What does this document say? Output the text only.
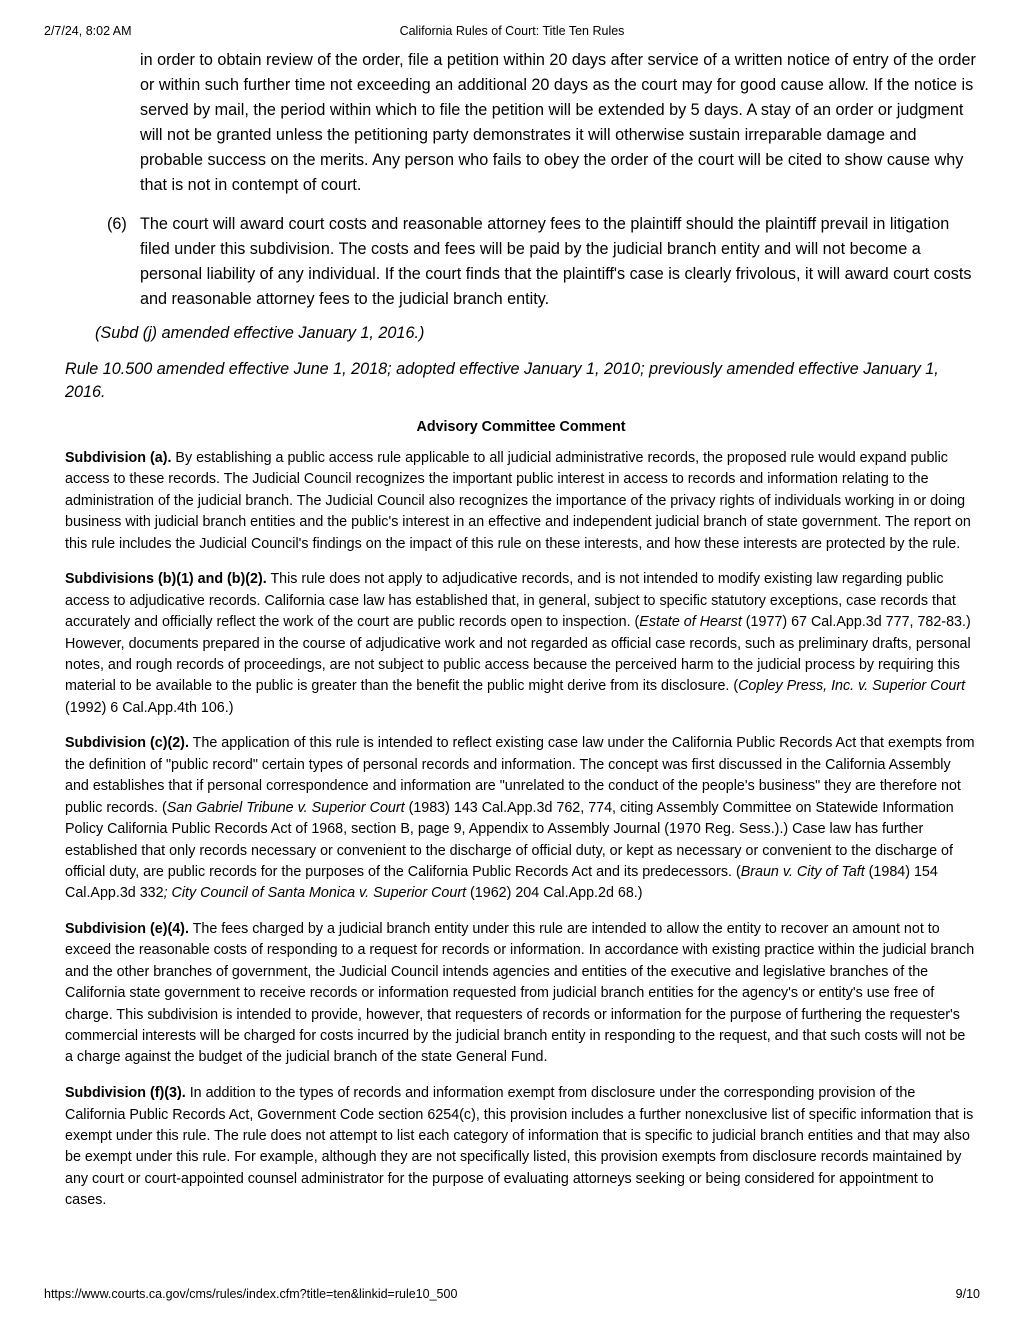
2/7/24, 8:02 AM	California Rules of Court: Title Ten Rules
in order to obtain review of the order, file a petition within 20 days after service of a written notice of entry of the order or within such further time not exceeding an additional 20 days as the court may for good cause allow. If the notice is served by mail, the period within which to file the petition will be extended by 5 days. A stay of an order or judgment will not be granted unless the petitioning party demonstrates it will otherwise sustain irreparable damage and probable success on the merits. Any person who fails to obey the order of the court will be cited to show cause why that is not in contempt of court.
(6) The court will award court costs and reasonable attorney fees to the plaintiff should the plaintiff prevail in litigation filed under this subdivision. The costs and fees will be paid by the judicial branch entity and will not become a personal liability of any individual. If the court finds that the plaintiff's case is clearly frivolous, it will award court costs and reasonable attorney fees to the judicial branch entity.
(Subd (j) amended effective January 1, 2016.)
Rule 10.500 amended effective June 1, 2018; adopted effective January 1, 2010; previously amended effective January 1, 2016.
Advisory Committee Comment

Subdivision (a). By establishing a public access rule applicable to all judicial administrative records, the proposed rule would expand public access to these records. The Judicial Council recognizes the important public interest in access to records and information relating to the administration of the judicial branch. The Judicial Council also recognizes the importance of the privacy rights of individuals working in or doing business with judicial branch entities and the public's interest in an effective and independent judicial branch of state government. The report on this rule includes the Judicial Council's findings on the impact of this rule on these interests, and how these interests are protected by the rule.

Subdivisions (b)(1) and (b)(2). This rule does not apply to adjudicative records, and is not intended to modify existing law regarding public access to adjudicative records. California case law has established that, in general, subject to specific statutory exceptions, case records that accurately and officially reflect the work of the court are public records open to inspection. (Estate of Hearst (1977) 67 Cal.App.3d 777, 782-83.) However, documents prepared in the course of adjudicative work and not regarded as official case records, such as preliminary drafts, personal notes, and rough records of proceedings, are not subject to public access because the perceived harm to the judicial process by requiring this material to be available to the public is greater than the benefit the public might derive from its disclosure. (Copley Press, Inc. v. Superior Court (1992) 6 Cal.App.4th 106.)

Subdivision (c)(2). The application of this rule is intended to reflect existing case law under the California Public Records Act that exempts from the definition of "public record" certain types of personal records and information. The concept was first discussed in the California Assembly and establishes that if personal correspondence and information are "unrelated to the conduct of the people's business" they are therefore not public records. (San Gabriel Tribune v. Superior Court (1983) 143 Cal.App.3d 762, 774, citing Assembly Committee on Statewide Information Policy California Public Records Act of 1968, section B, page 9, Appendix to Assembly Journal (1970 Reg. Sess.).) Case law has further established that only records necessary or convenient to the discharge of official duty, or kept as necessary or convenient to the discharge of official duty, are public records for the purposes of the California Public Records Act and its predecessors. (Braun v. City of Taft (1984) 154 Cal.App.3d 332; City Council of Santa Monica v. Superior Court (1962) 204 Cal.App.2d 68.)

Subdivision (e)(4). The fees charged by a judicial branch entity under this rule are intended to allow the entity to recover an amount not to exceed the reasonable costs of responding to a request for records or information. In accordance with existing practice within the judicial branch and the other branches of government, the Judicial Council intends agencies and entities of the executive and legislative branches of the California state government to receive records or information requested from judicial branch entities for the agency's or entity's use free of charge. This subdivision is intended to provide, however, that requesters of records or information for the purpose of furthering the requester's commercial interests will be charged for costs incurred by the judicial branch entity in responding to the request, and that such costs will not be a charge against the budget of the judicial branch of the state General Fund.

Subdivision (f)(3). In addition to the types of records and information exempt from disclosure under the corresponding provision of the California Public Records Act, Government Code section 6254(c), this provision includes a further nonexclusive list of specific information that is exempt under this rule. The rule does not attempt to list each category of information that is specific to judicial branch entities and that may also be exempt under this rule. For example, although they are not specifically listed, this provision exempts from disclosure records maintained by any court or court-appointed counsel administrator for the purpose of evaluating attorneys seeking or being considered for appointment to cases.

https://www.courts.ca.gov/cms/rules/index.cfm?title=ten&linkid=rule10_500	9/10
